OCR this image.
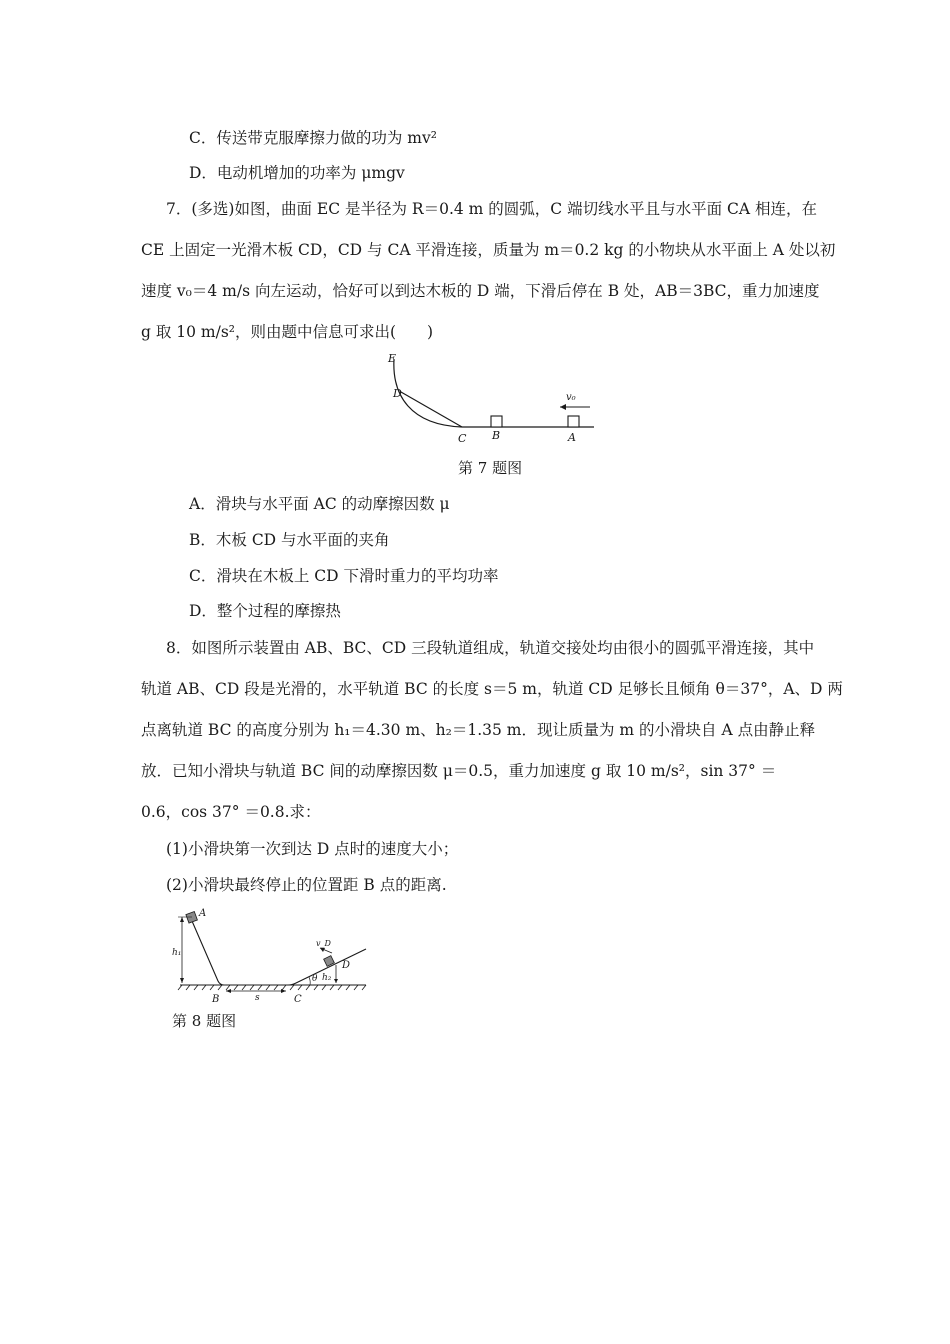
C．传送带克服摩擦力做的功为 mv²
D．电动机增加的功率为 μmgv
7．(多选)如图，曲面 EC 是半径为 R＝0.4 m 的圆弧，C 端切线水平且与水平面 CA 相连，在
CE 上固定一光滑木板 CD，CD 与 CA 平滑连接，质量为 m＝0.2 kg 的小物块从水平面上 A 处以初
速度 v₀＝4 m/s 向左运动，恰好可以到达木板的 D 端，下滑后停在 B 处，AB＝3BC，重力加速度
g 取 10 m/s²，则由题中信息可求出(　　)
v₀
E
D
C B	A
第 7 题图
A．滑块与水平面 AC 的动摩擦因数 μ
B．木板 CD 与水平面的夹角
C．滑块在木板上 CD 下滑时重力的平均功率
D．整个过程的摩擦热
8．如图所示装置由 AB、BC、CD 三段轨道组成，轨道交接处均由很小的圆弧平滑连接，其中
轨道 AB、CD 段是光滑的，水平轨道 BC 的长度 s＝5 m，轨道 CD 足够长且倾角 θ＝37°，A、D 两
点离轨道 BC 的高度分别为 h₁＝4.30 m、h₂＝1.35 m．现让质量为 m 的小滑块自 A 点由静止释
放．已知小滑块与轨道 BC 间的动摩擦因数 μ＝0.5，重力加速度 g 取 10 m/s²，sin 37° ＝
0.6，cos 37° ＝0.8.求：
(1)小滑块第一次到达 D 点时的速度大小；
(2)小滑块最终停止的位置距 B 点的距离.
A
h₁
B	s	C
θ h₂
D
v_D
第 8 题图
